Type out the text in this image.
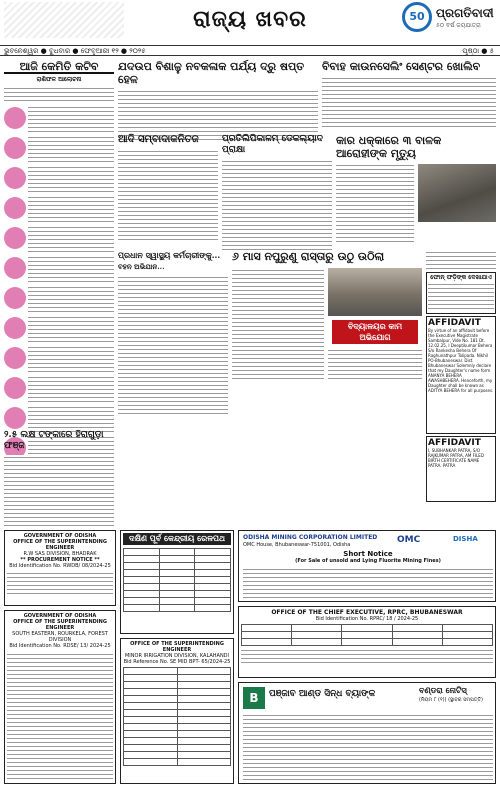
ରାଜ୍ୟ ଖବର	50 ପ୍ରଗତିବାଦୀ
୫୦ ବର୍ଷ ଜୟଯାତ୍ରା
ଭୁବନେଶ୍ୱର ● ବୁଧବାର ● ଫେବୃଆରୀ ୧୨ ● ୨୦୨୫	ପୃଷ୍ଠା ● ୫
ଆଜି କେମିତି କଟିବ
ରାଶିଫଳ ଆଲୋଚନା
୨.୫ ଲକ୍ଷ ଟଙ୍କାରେ ହିରାଗୁଡ଼ା ଫଞ୍ଜ
ଯଦଉପ ବିଶାଳୁ ନବକଳାକ ପର୍ଯ୍ୟ ଦ୍ରୁ ଷପ୍ତ ହେଳ
ଆଦି ସମ୍ବାଦାକନିତଜ	ପ୍ରତିଲିପିକାଳମ୍ ଡେକଲ୍ୟାଦ ପ୍ରାକ୍ଷା
ବିବାହ କାଉନସେଲିଂ ସେଣ୍ଟର ଖୋଲିବ
କାର ଧକ୍କାରେ ୩ ବାଳକ ଆରୋହୀଙ୍କ ମୃତ୍ୟୁ
ପ୍ରଧାନ ସ୍ୱାସ୍ଥ୍ୟ କର୍ମଚାରୀଙ୍କୁ...
ବହନ ଅଭିଯାନ...
୬ ମାସ ନପୁରୁଣୁ ରାସ୍ତାରୁ ଉଠୁ ଉଠିଲା
ବିଦ୍ୟାଳୟର କାମ ଅଭିଯୋଗ
ଫୋନ୍ ଫଡ଼ିଙ୍କ ଦେଖାଯାଏ
AFFIDAVIT
By virtue of an affidavit before the Executive Magistrate Sambalpur, Vide No. 181 Dt. 12.02.25, I Deeptikumar Behera S/o Rankesha Behera Of Raghunathpur Tolipada. Nikhil PO-Bhubaneswar. Dist. Bhubaneswar Solemnly declare that my Daughter's name form ANANYA BEHERA AWASHBEHERA. Henceforth, my Daughter shall be known as ADITYA BEHERA for all purposes.
AFFIDAVIT
I, SUBHANKAR PATRA, S/O RAJKUMAR PATRA, AM FILED BIRTH CERTIFICATE NAME PATRA. PATRA
GOVERNMENT OF ODISHA
OFFICE OF THE SUPERINTENDING ENGINEER
R.W SAS DIVISION, BHADRAK
** PROCUREMENT NOTICE **
Bid Identification No. RWDB/ 08/2024-25
GOVERNMENT OF ODISHA
OFFICE OF THE SUPERINTENDING ENGINEER
SOUTH EASTERN, ROURKELA, FOREST DIVISION
Bid Identification No. RDSE/ 13/ 2024-25
ଦକ୍ଷିଣ ପୂର୍ବ କେନ୍ଦ୍ରୀୟ ରେଳପଥ

			ODISHA MINING CORPORATION LIMITED
OMC House, Bhubaneswar-751001, Odisha	OMC	DISHA
Short Notice
(For Sale of unsold and Lying Fluorite Mining Fines)
OFFICE OF THE CHIEF EXECUTIVE, RPRC, BHUBANESWAR
Bid Identification No. RPRC/ 18 / 2024-25

OFFICE OF THE SUPERINTENDING ENGINEER
MINOR IRRIGATION DIVISION, KALAHANDI
Bid Reference No. SE MID BPT- 65/2024-25

B	ପଞ୍ଜାବ ଆଣ୍ଡ ସିନ୍ଧ ବ୍ୟାଙ୍କ	ବଣ୍ଡରା ନୋଟିସ୍
(ନିୟମ ୮ (୧)) (ସ୍ଥାବର ସମ୍ପତ୍ତି)
